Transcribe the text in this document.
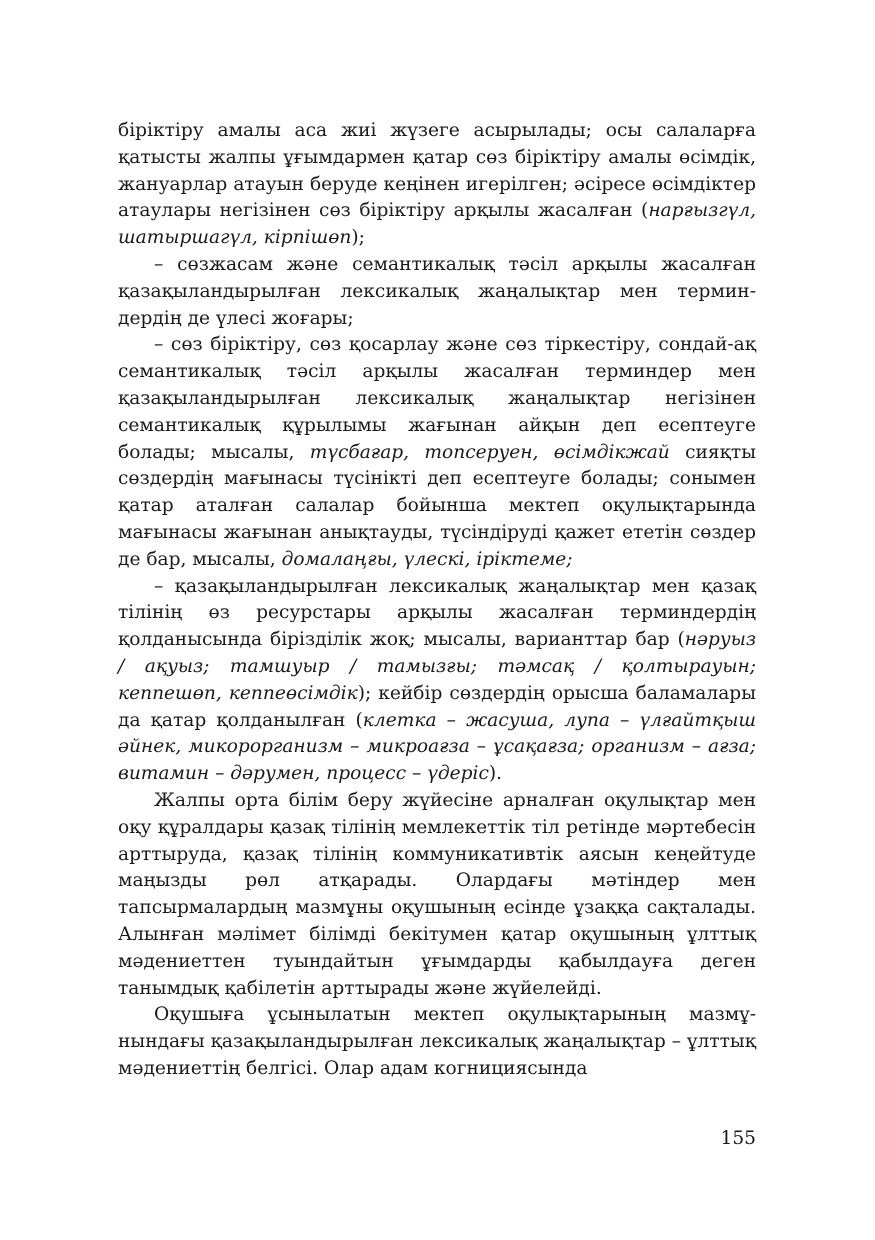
біріктіру амалы аса жиі жүзеге асырылады; осы салаларға қатысты жалпы ұғымдармен қатар сөз біріктіру амалы өсімдік, жануарлар атауын беруде кеңінен игерілген; әсіресе өсімдіктер атаулары негізінен сөз біріктіру арқылы жасалған (нарғызгүл, шатыршагүл, кірпішөп);

– сөзжасам және семантикалық тәсіл арқылы жасалған қазақыландырылған лексикалық жаңалықтар мен терминдердің де үлесі жоғары;

– сөз біріктіру, сөз қосарлау және сөз тіркестіру, сондай-ақ семантикалық тәсіл арқылы жасалған терминдер мен қазақыландырылған лексикалық жаңалықтар негізінен семантикалық құрылымы жағынан айқын деп есептеуге болады; мысалы, түсбағар, топсеруен, өсімдікжай сияқты сөздердің мағынасы түсінікті деп есептеуге болады; сонымен қатар аталған салалар бойынша мектеп оқулықтарында мағынасы жағынан анықтауды, түсіндіруді қажет ететін сөздер де бар, мысалы, домалаңғы, үлескі, іріктеме;

– қазақыландырылған лексикалық жаңалықтар мен қазақ тілінің өз ресурстары арқылы жасалған терминдердің қолданысында біріздiлiк жоқ; мысалы, варианттар бар (нәруыз / ақуыз; тамшуыр / тамызғы; тәмсақ / қолтырауын; кеппешөп, кеппеөсімдік); кейбір сөздердің орысша баламалары да қатар қолданылған (клетка – жасуша, лупа – үлғайтқыш әйнек, микорорганизм – микроағза – ұсақағза; организм – ағза; витамин – дәрумен, процесс – үдеріс).

Жалпы орта білім беру жүйесіне арналған оқулықтар мен оқу құралдары қазақ тілінің мемлекеттік тіл ретінде мәртебесін арттыруда, қазақ тілінің коммуникативтік аясын кеңейтуде маңызды рөл атқарады. Олардағы мәтіндер мен тапсырмалардың мазмұны оқушының есінде ұзаққа сақталады. Алынған мәлімет білімді бекітумен қатар оқушының ұлттық мәдениеттен туындайтын ұғымдарды қабылдауға деген танымдық қабілетін арттырады және жүйелейді.

Оқушыға ұсынылатын мектеп оқулықтарының мазмұнындағы қазақыландырылған лексикалық жаңалықтар – ұлттық мәдениеттің белгісі. Олар адам когнициясында

155
